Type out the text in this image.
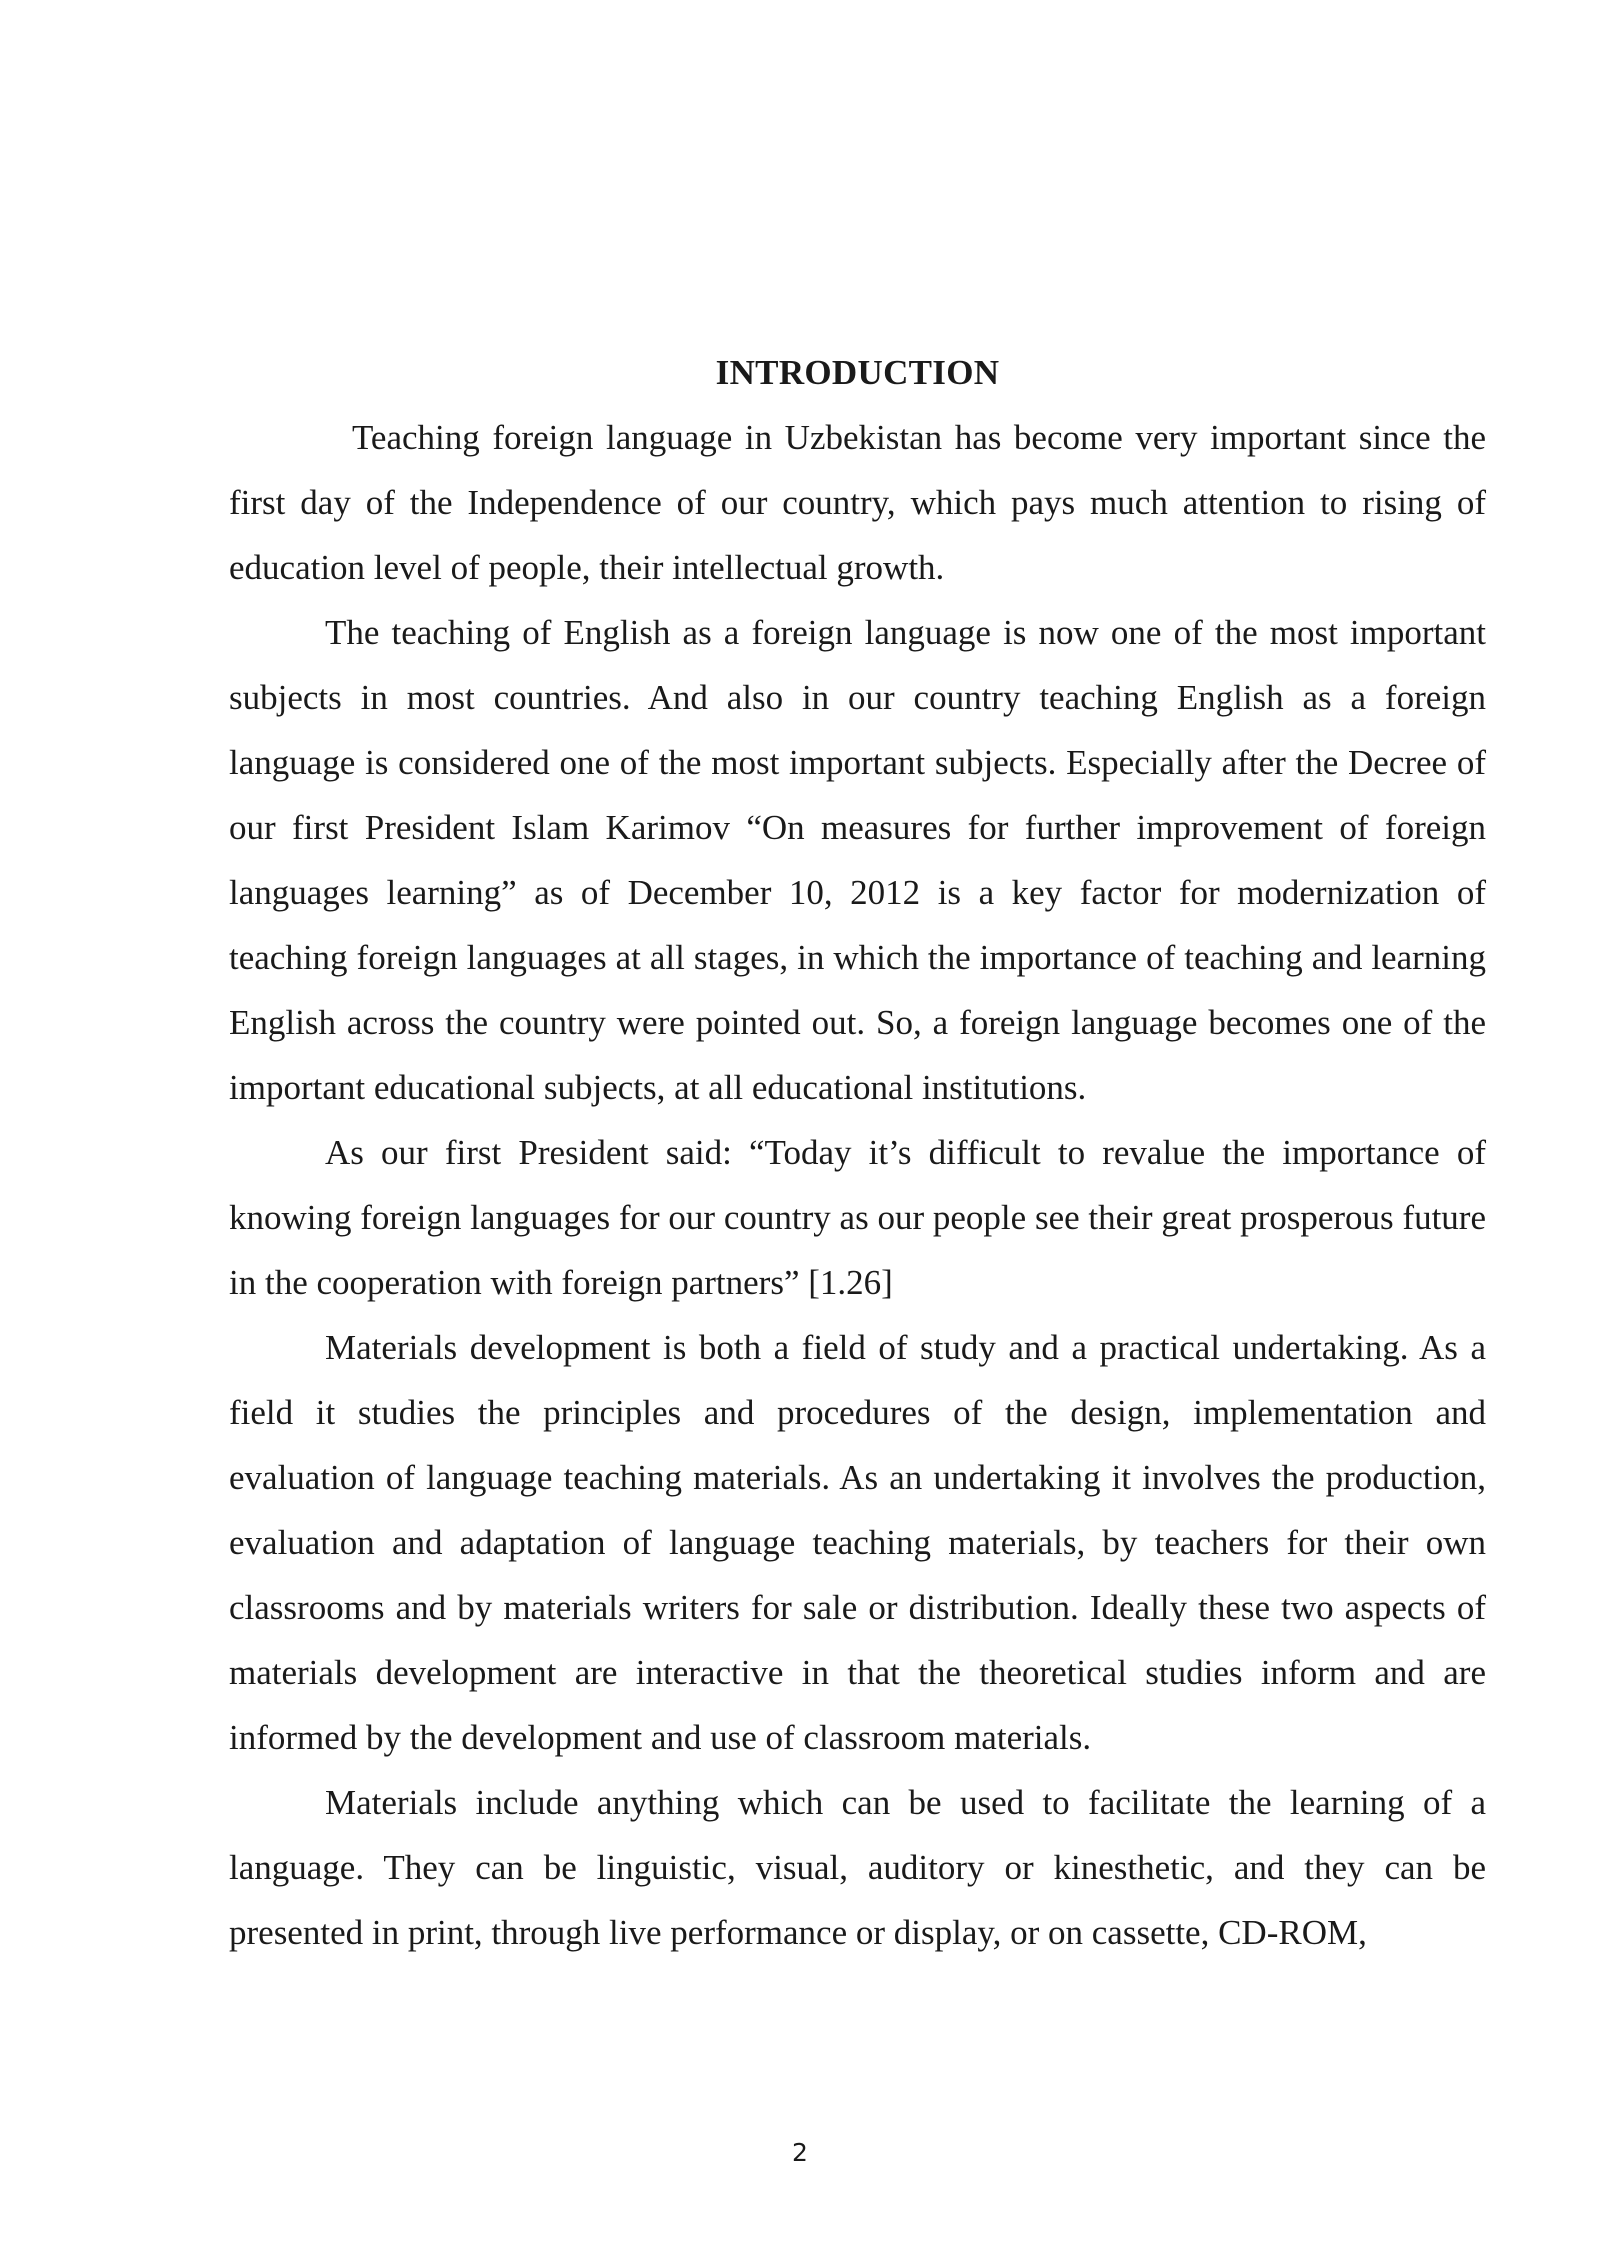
INTRODUCTION

Teaching foreign language in Uzbekistan has become very important since the first day of the Independence of our country, which pays much attention to rising of education level of people, their intellectual growth.

The teaching of English as a foreign language is now one of the most important subjects in most countries. And also in our country teaching English as a foreign language is considered one of the most important subjects. Especially after the Decree of our first President Islam Karimov “On measures for further improvement of foreign languages learning” as of December 10, 2012 is a key factor for modernization of teaching foreign languages at all stages, in which the importance of teaching and learning English across the country were pointed out. So, a foreign language becomes one of the important educational subjects, at all educational institutions.

As our first President said: “Today it’s difficult to revalue the importance of knowing foreign languages for our country as our people see their great prosperous future in the cooperation with foreign partners” [1.26]

Materials development is both a field of study and a practical undertaking. As a field it studies the principles and procedures of the design, implementation and evaluation of language teaching materials. As an undertaking it involves the production, evaluation and adaptation of language teaching materials, by teachers for their own classrooms and by materials writers for sale or distribution. Ideally these two aspects of materials development are interactive in that the theoretical studies inform and are informed by the development and use of classroom materials.

Materials include anything which can be used to facilitate the learning of a language. They can be linguistic, visual, auditory or kinesthetic, and they can be presented in print, through live performance or display, or on cassette, CD-ROM,

2
